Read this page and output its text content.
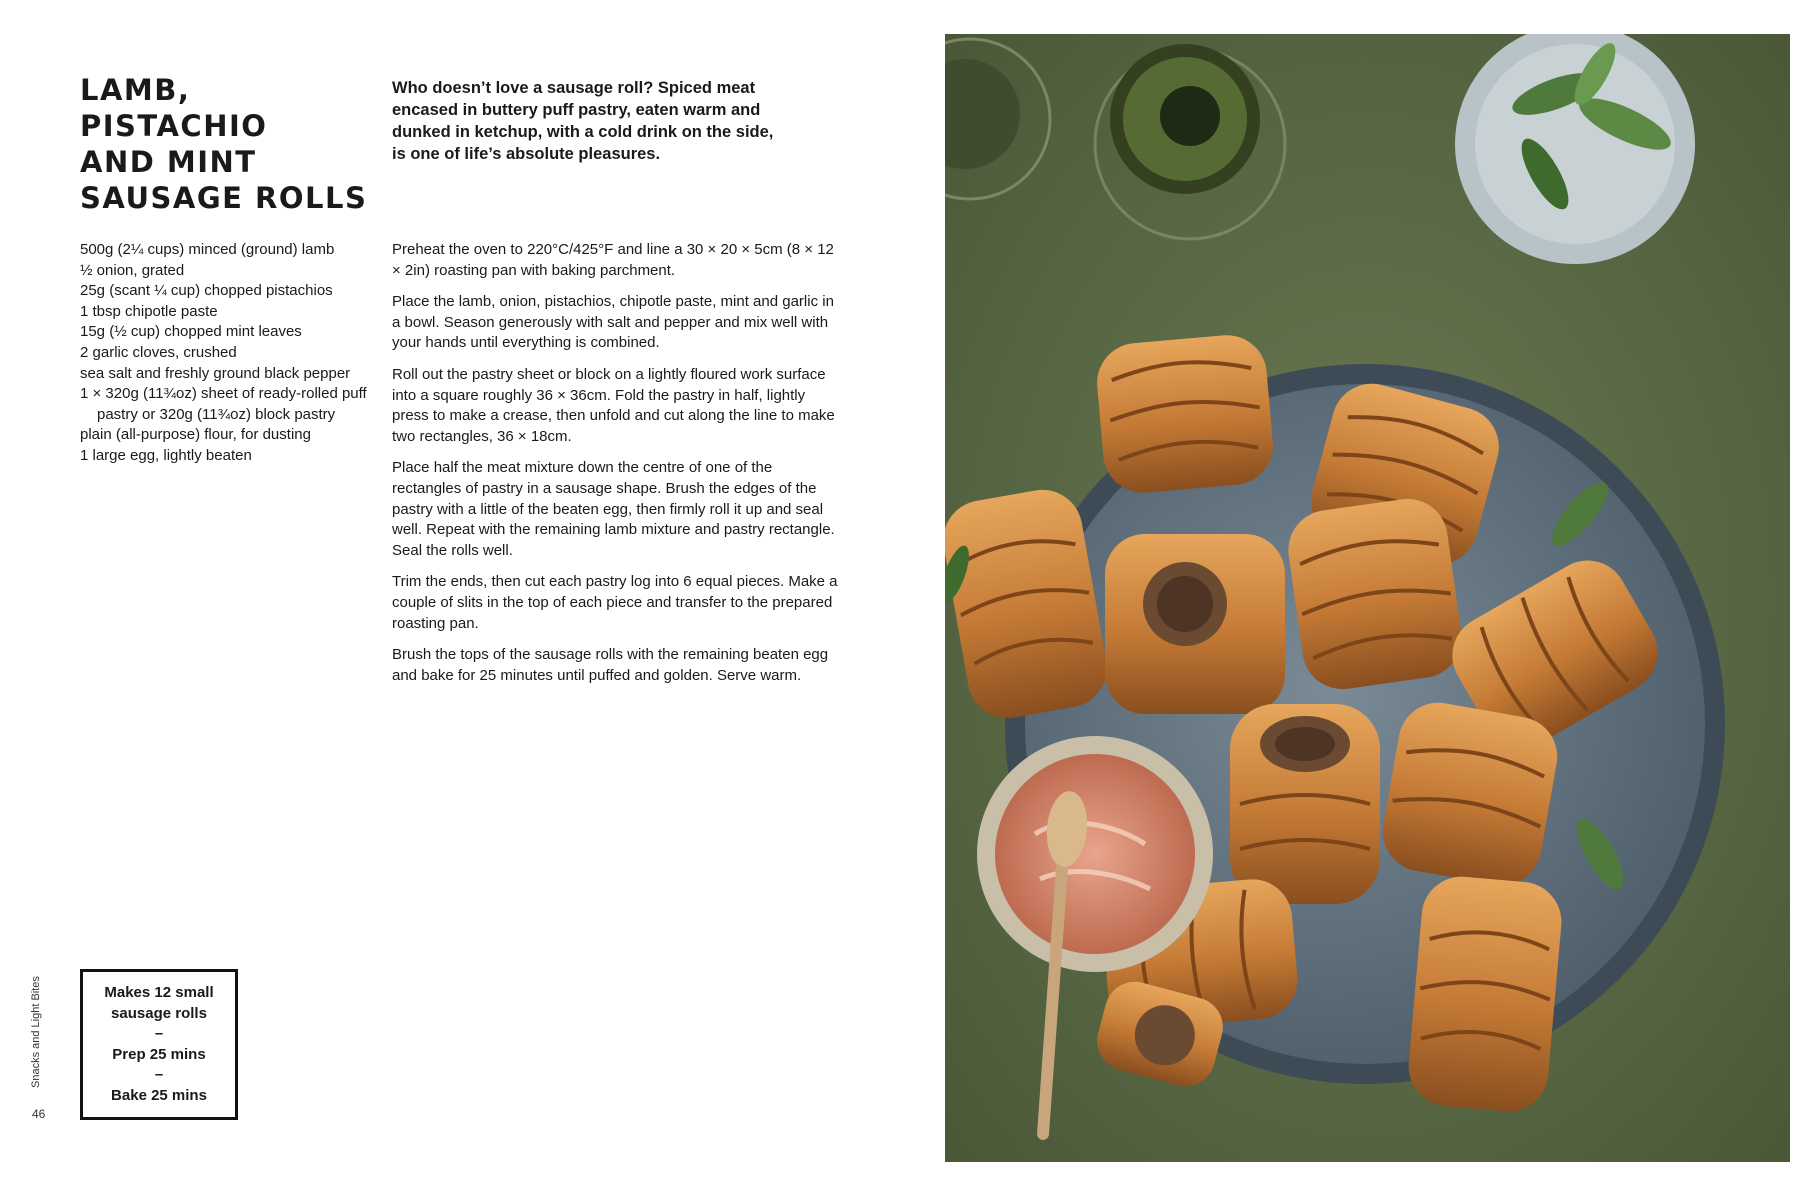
LAMB, PISTACHIO
AND MINT
SAUSAGE ROLLS

Who doesn’t love a sausage roll? Spiced meat
encased in buttery puff pastry, eaten warm and
dunked in ketchup, with a cold drink on the side,
is one of life’s absolute pleasures.

500g (2¼ cups) minced (ground) lamb
½ onion, grated
25g (scant ¼ cup) chopped pistachios
1 tbsp chipotle paste
15g (½ cup) chopped mint leaves
2 garlic cloves, crushed
sea salt and freshly ground black pepper
1 × 320g (11¾oz) sheet of ready-rolled puff pastry or 320g (11¾oz) block pastry
plain (all-purpose) flour, for dusting
1 large egg, lightly beaten

Preheat the oven to 220°C/425°F and line a 30 × 20 × 5cm (8 × 12 × 2in) roasting pan with baking parchment.

Place the lamb, onion, pistachios, chipotle paste, mint and garlic in a bowl. Season generously with salt and pepper and mix well with your hands until everything is combined.

Roll out the pastry sheet or block on a lightly floured work surface into a square roughly 36 × 36cm. Fold the pastry in half, lightly press to make a crease, then unfold and cut along the line to make two rectangles, 36 × 18cm.

Place half the meat mixture down the centre of one of the rectangles of pastry in a sausage shape. Brush the edges of the pastry with a little of the beaten egg, then firmly roll it up and seal well. Repeat with the remaining lamb mixture and pastry rectangle. Seal the rolls well.

Trim the ends, then cut each pastry log into 6 equal pieces. Make a couple of slits in the top of each piece and transfer to the prepared roasting pan.

Brush the tops of the sausage rolls with the remaining beaten egg and bake for 25 minutes until puffed and golden. Serve warm.

Makes 12 small
sausage rolls
–
Prep 25 mins
–
Bake 25 mins
Snacks and Light Bites
46
